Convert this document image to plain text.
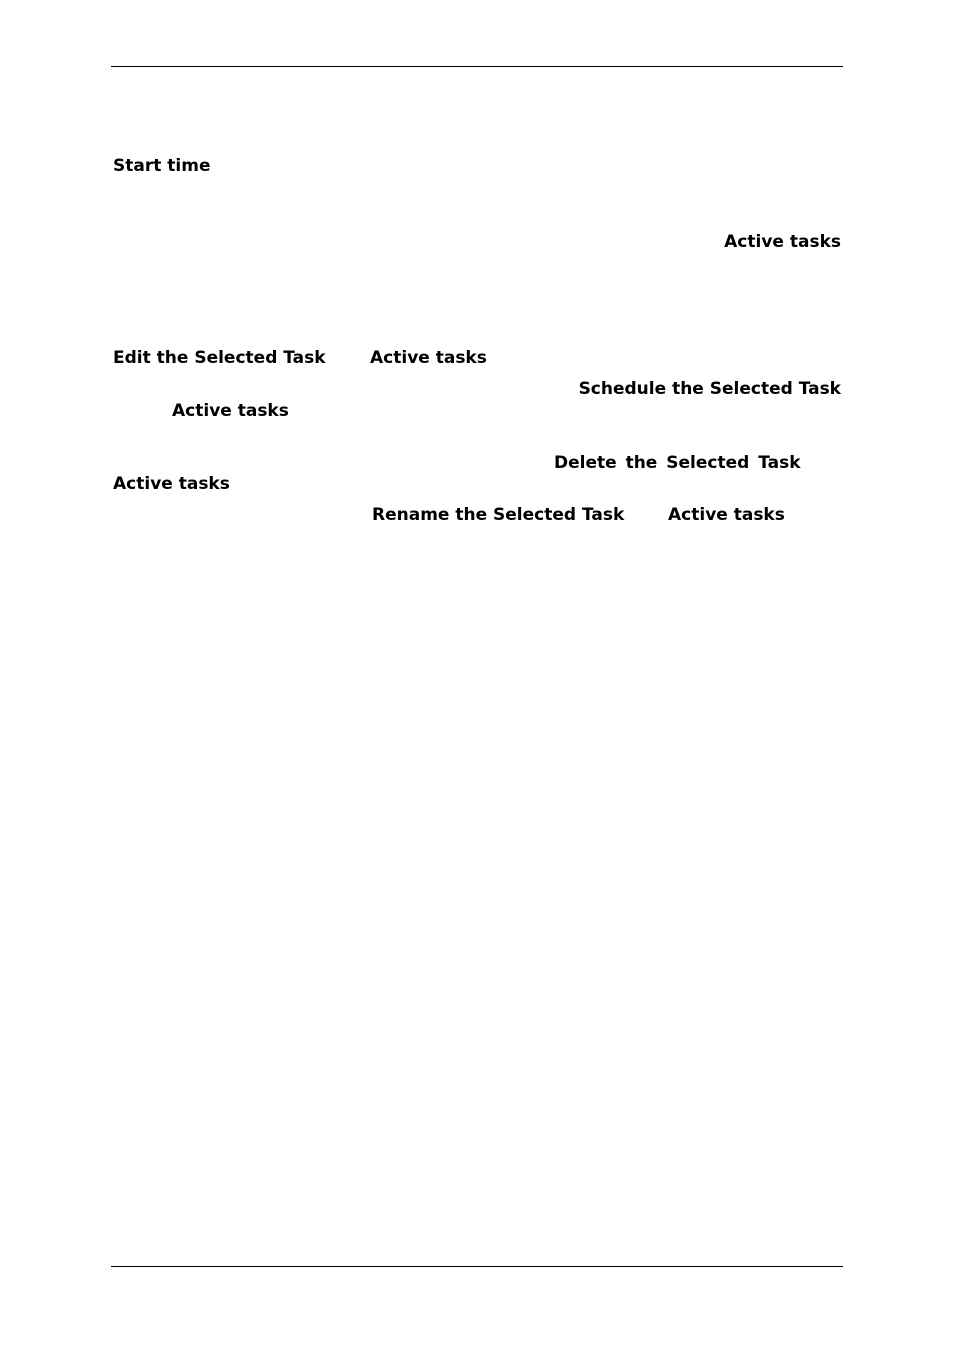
Start time
Active tasks
Edit the Selected Task	Active tasks
Schedule the Selected Task
Active tasks
Delete the Selected Task
Active tasks
Rename the Selected Task	Active tasks
